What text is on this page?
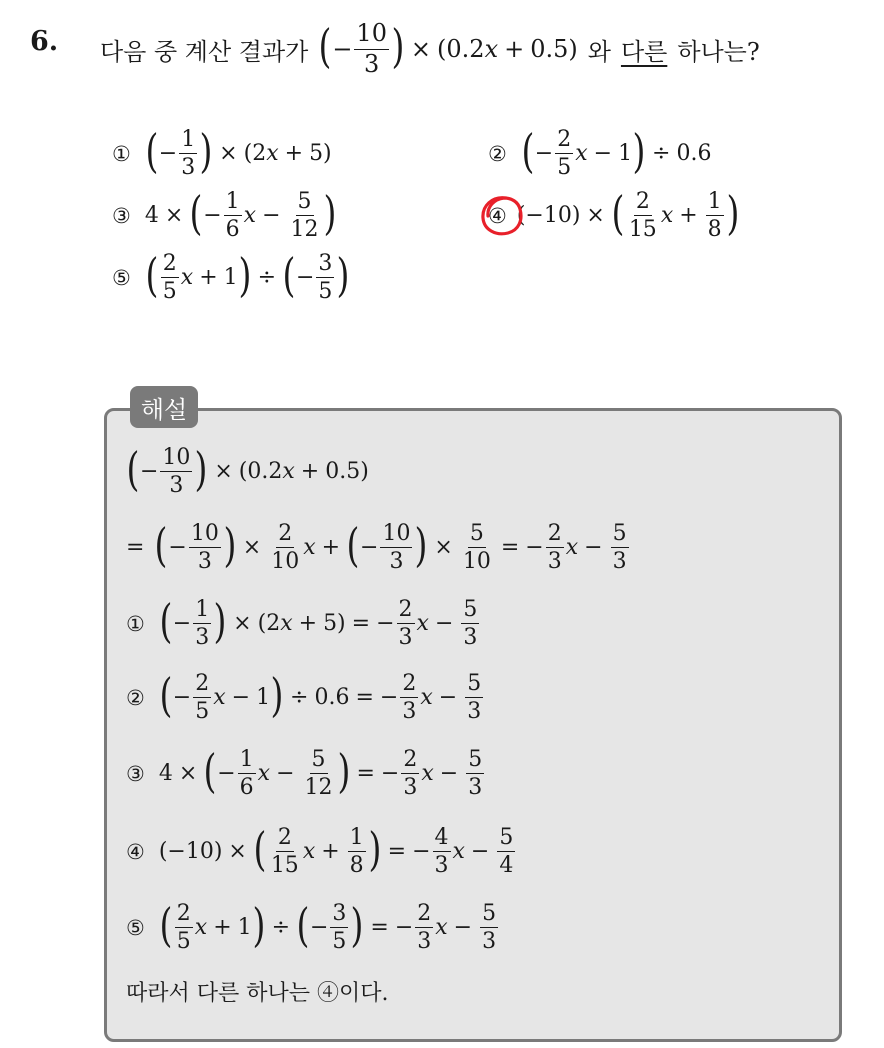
6. 다음 중 계산 결과가 ( − $\frac{10}{3}$ ) × (0.2 x + 0.5) 와 다른 하나는?
① ( − $\frac{1}{3}$ ) × (2 x + 5)	② ( − $\frac{2}{5}$ x − 1 ) ÷ 0.6
③ 4 × ( − $\frac{1}{6}$ $x - \frac{5}{12}$ )	④ (−10) × ( $\frac{2}{15}$ $x + \frac{1}{8}$ )
⑤ ( $\frac{2}{5}$ x + 1 ) ÷ ( − $\frac{3}{5}$ )
해설
( − $\frac{10}{3}$ ) × (0.2 x + 0.5)
= ( − $\frac{10}{3}$ ) × $\frac{2}{10}$ x + ( − $\frac{10}{3}$ ) × $\frac{5}{10}$ = − $\frac{2}{3}$ $x - \frac{5}{3}$
① ( − $\frac{1}{3}$ ) × (2 x + 5) = − $\frac{2}{3}$ $x - \frac{5}{3}$
② ( − $\frac{2}{5}$ x − 1 ) ÷ 0.6 = − $\frac{2}{3}$ $x - \frac{5}{3}$
③ 4 × ( − $\frac{1}{6}$ $x - \frac{5}{12}$ ) = − $\frac{2}{3}$ $x - \frac{5}{3}$
④ (−10) × ( $\frac{2}{15}$ $x + \frac{1}{8}$ ) = − $\frac{4}{3}$ $x - \frac{5}{4}$
⑤ ( $\frac{2}{5}$ x + 1 ) ÷ ( − $\frac{3}{5}$ ) = − $\frac{2}{3}$ $x - \frac{5}{3}$
따라서 다른 하나는 ④이다.
